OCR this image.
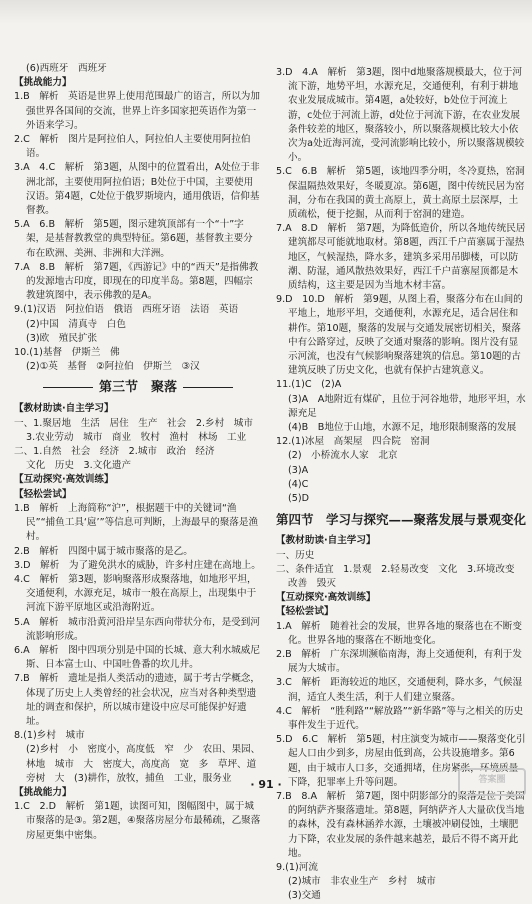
(6)西班牙　西班牙

【挑战能力】

1.B　解析　英语是世界上使用范围最广的语言，所以为加强世界各国间的交流，世界上许多国家把英语作为第一外语来学习。

2.C　解析　图片是阿拉伯人，阿拉伯人主要使用阿拉伯语。

3.A　4.C　解析　第3题，从图中的位置看出，A处位于非洲北部，主要使用阿拉伯语；B处位于中国，主要使用汉语。第4题，C处位于俄罗斯境内，通用俄语，信仰基督教。

5.A　6.B　解析　第5题，图示建筑顶部有一个“十”字架，是基督教教堂的典型特征。第6题，基督教主要分布在欧洲、美洲、非洲和大洋洲。

7.A　8.B　解析　第7题，《西游记》中的“西天”是指佛教的发源地古印度，即现在的印度半岛。第8题，四幅宗教建筑图中，表示佛教的是A。

9.(1)汉语　阿拉伯语　俄语　西班牙语　法语　英语

(2)中国　清真寺　白色

(3)欧　殖民扩张

10.(1)基督　伊斯兰　佛

(2)①英　基督　②阿拉伯　伊斯兰　③汉

第三节　聚落

【教材助读·自主学习】

一、1.聚居地　生活　居住　生产　社会　2.乡村　城市

3.农业劳动　城市　商业　牧村　渔村　林场　工业

二、1.自然　社会　经济　2.城市　政治　经济

文化　历史　3.文化遗产

【互动探究·高效训练】

【轻松尝试】

1.B　解析　上海简称“沪”，根据题干中的关键词“渔民”“捕鱼工具‘扈’”等信息可判断，上海最早的聚落是渔村。

2.B　解析　四图中属于城市聚落的是乙。

3.D　解析　为了避免洪水的威胁，许多村庄建在高地上。

4.C　解析　第3题，影响聚落形成聚落地，如地形平坦，交通便利，水源充足，城市一般在高原上，出现集中于河流下游平原地区或沿海附近。

5.A　解析　城市沿黄河沿岸呈东西向带状分布，是受到河流影响形成。

6.A　解析　图中四项分别是中国的长城、意大利水城威尼斯、日本富士山、中国吐鲁番的坎儿井。

7.B　解析　遗址是指人类活动的遗迹，属于考古学概念，体现了历史上人类曾经的社会状况，应当对各种类型遗址的调查和保护，所以城市建设中应尽可能保护好遗址。

8.(1)乡村　城市

(2)乡村　小　密度小，高度低　窄　少　农田、果园、林地　城市　大　密度大，高度高　宽　多　草坪、道旁树　大　(3)耕作，放牧，捕鱼　工业，服务业

【挑战能力】

1.C　2.D　解析　第1题，读图可知，图幅图中，属于城市聚落的是③。第2题，④聚落房屋分布最稀疏，乙聚落房屋更集中密集。

3.D　4.A　解析　第3题，图中d地聚落规模最大，位于河流下游，地势平坦，水源充足，交通便利，有利于耕地农业发展成城市。第4题，a处较好，b处位于河流上游，c处位于河流上游，d处位于河流下游，在农业发展条件较差的地区，聚落较小，所以聚落规模比较大小依次为a处近海河流，受河流影响比较小，所以聚落规模较小。

5.C　6.B　解析　第5题，该地四季分明，冬冷夏热，窑洞保温隔热效果好，冬暖夏凉。第6题，图中传统民居为窑洞，分布在我国的黄土高原上，黄土高原土层深厚，土质疏松，便于挖掘，从而利于窑洞的建造。

7.A　8.D　解析　第7题，为降低造价，所以各地传统民居建筑都尽可能就地取材。第8题，西江千户苗寨属于湿热地区，气候湿热，降水多，建筑多采用吊脚楼，可以防潮、防湿，通风散热效果好，西江千户苗寨屋顶都是木质结构，这主要是因为当地木材丰富。

9.D　10.D　解析　第9题，从图上看，聚落分布在山间的平地上，地形平坦，交通便利，水源充足，适合居住和耕作。第10题，聚落的发展与交通发展密切相关，聚落中有公路穿过，反映了交通对聚落的影响。图片没有显示河流，也没有气候影响聚落建筑的信息。第10题的古建筑反映了历史文化，也就有保护古建筑意义。

11.(1)C　(2)A

(3)A　A地附近有煤矿，且位于河谷地带，地形平坦，水源充足

(4)B　B地位于山地，水源不足，地形限制聚落的发展

12.(1)冰屋　高架屋　四合院　窑洞

(2)　小桥流水人家　北京

(3)A

(4)C

(5)D

第四节　学习与探究——聚落发展与景观变化

【教材助读·自主学习】

一、历史

二、条件适宜　1.景观　2.轻易改变　文化　3.环境改变

改善　毁灭

【互动探究·高效训练】

【轻松尝试】

1.A　解析　随着社会的发展，世界各地的聚落也在不断变化。世界各地的聚落在不断地变化。

2.B　解析　广东深圳濒临南海，海上交通便利，有利于发展为大城市。

3.C　解析　距海较近的地区，交通便利，降水多，气候湿润，适宜人类生活，利于人们建立聚落。

4.C　解析　“胜利路”“解放路”“新华路”等与之相关的历史事件发生于近代。

5.D　6.C　解析　第5题，村庄演变为城市——聚落变化引起人口由少到多，房屋由低到高，公共设施增多。第6题，由于城市人口多，交通拥堵，住房紧张，环境质量下降，犯罪率上升等问题。

7.B　8.A　解析　第7题，图中阴影部分的聚落是位于美国的阿纳萨齐聚落遗址。第8题，阿纳萨齐人大量砍伐当地的森林，没有森林涵养水源，土壤被冲刷侵蚀，土壤肥力下降，农业发展的条件越来越差，最后不得不离开此地。

9.(1)河流

(2)城市　非农业生产　乡村　城市

(3)交通

· 91 ·	答案圈
